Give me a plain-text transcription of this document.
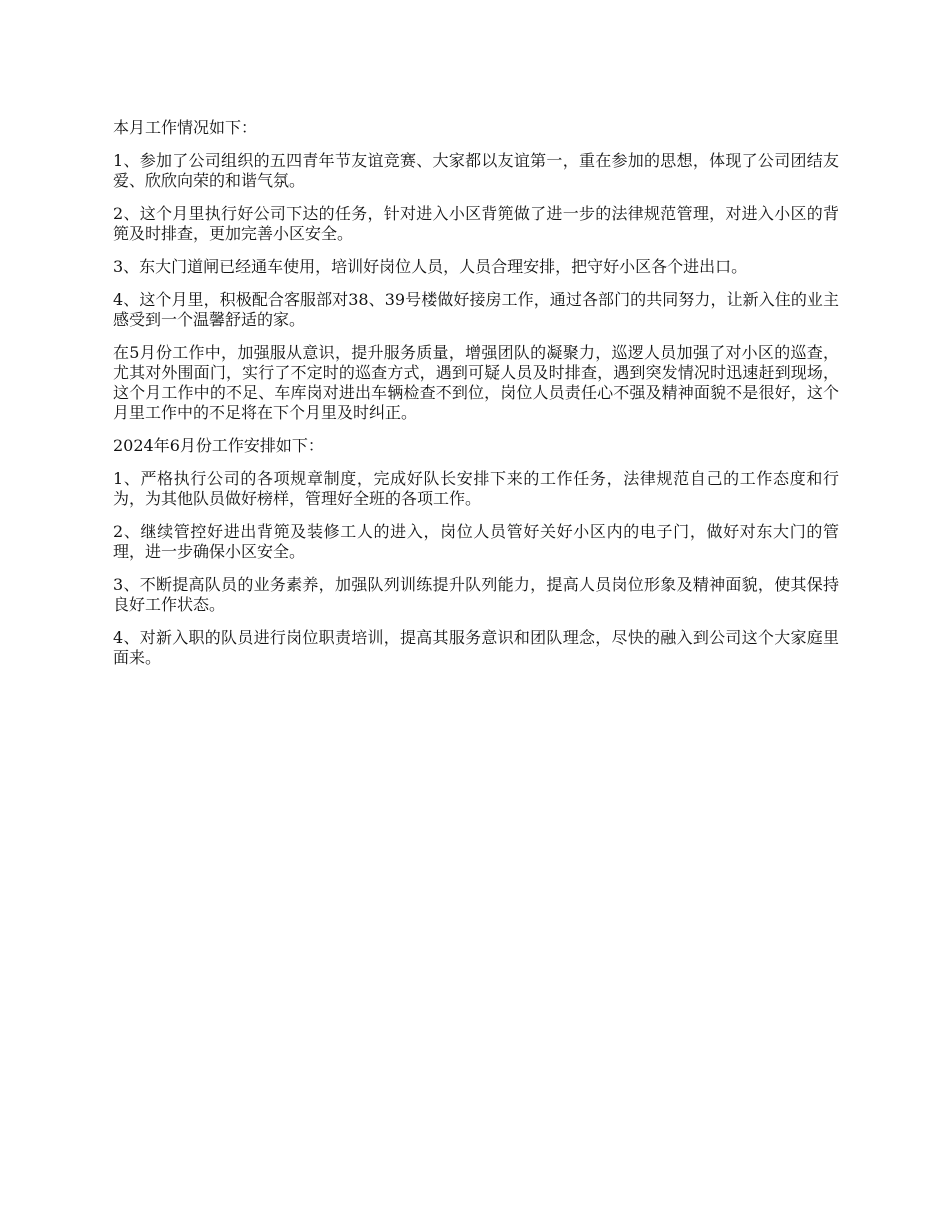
本月工作情况如下：

1、参加了公司组织的五四青年节友谊竞赛、大家都以友谊第一，重在参加的思想，体现了公司团结友爱、欣欣向荣的和谐气氛。

2、这个月里执行好公司下达的任务，针对进入小区背篼做了进一步的法律规范管理，对进入小区的背篼及时排查，更加完善小区安全。

3、东大门道闸已经通车使用，培训好岗位人员，人员合理安排，把守好小区各个进出口。

4、这个月里，积极配合客服部对38、39号楼做好接房工作，通过各部门的共同努力，让新入住的业主感受到一个温馨舒适的家。

在5月份工作中，加强服从意识，提升服务质量，增强团队的凝聚力，巡逻人员加强了对小区的巡查，尤其对外围面门，实行了不定时的巡查方式，遇到可疑人员及时排查，遇到突发情况时迅速赶到现场，这个月工作中的不足、车库岗对进出车辆检查不到位，岗位人员责任心不强及精神面貌不是很好，这个月里工作中的不足将在下个月里及时纠正。

2024年6月份工作安排如下：

1、严格执行公司的各项规章制度，完成好队长安排下来的工作任务，法律规范自己的工作态度和行为，为其他队员做好榜样，管理好全班的各项工作。

2、继续管控好进出背篼及装修工人的进入，岗位人员管好关好小区内的电子门，做好对东大门的管理，进一步确保小区安全。

3、不断提高队员的业务素养，加强队列训练提升队列能力，提高人员岗位形象及精神面貌，使其保持良好工作状态。

4、对新入职的队员进行岗位职责培训，提高其服务意识和团队理念，尽快的融入到公司这个大家庭里面来。
